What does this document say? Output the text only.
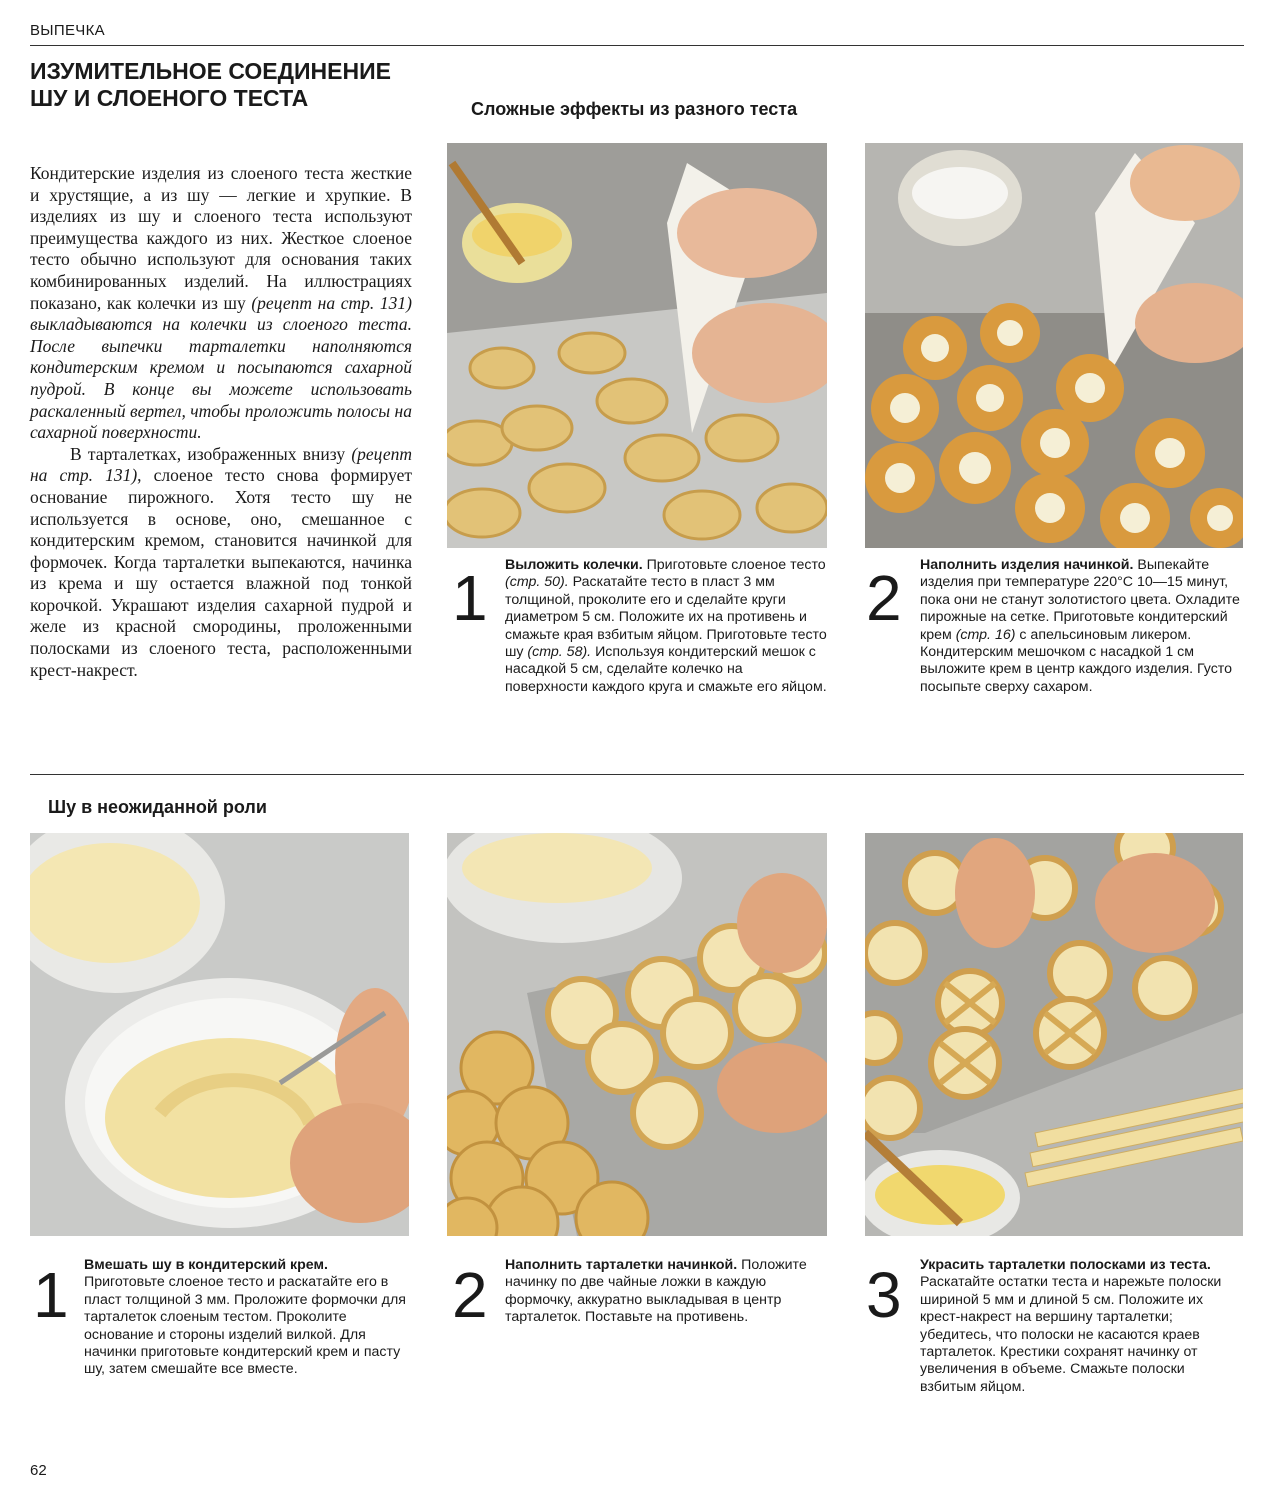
ВЫПЕЧКА
ИЗУМИТЕЛЬНОЕ СОЕДИНЕНИЕ
ШУ И СЛОЕНОГО ТЕСТА	Сложные эффекты из разного теста

Кондитерские изделия из слоеного теста жесткие и хрустящие, а из шу — легкие и хрупкие. В изделиях из шу и слоеного теста используют преимущества каждого из них. Жесткое слоеное тесто обычно используют для основания таких комбинированных изделий. На иллюстрациях показано, как колечки из шу (рецепт на стр. 131) выкладываются на колечки из слоеного теста. После выпечки тарталетки наполняются кондитерским кремом и посыпаются сахарной пудрой. В конце вы можете использовать раскаленный вертел, чтобы проложить полосы на сахарной поверхности.

В тарталетках, изображенных внизу (рецепт на стр. 131), слоеное тесто снова формирует основание пирожного. Хотя тесто шу не используется в основе, оно, смешанное с кондитерским кремом, становится начинкой для формочек. Когда тарталетки выпекаются, начинка из крема и шу остается влажной под тонкой корочкой. Украшают изделия сахарной пудрой и желе из красной смородины, проложенными полосками из слоеного теста, расположенными крест-накрест.

1 Выложить колечки. Приготовьте слоеное тесто (стр. 50). Раскатайте тесто в пласт 3 мм толщиной, проколите его и сделайте круги диаметром 5 см. Положите их на противень и смажьте края взбитым яйцом. Приготовьте тесто шу (стр. 58). Используя кондитерский мешок с насадкой 5 см, сделайте колечко на поверхности каждого круга и смажьте его яйцом.
2 Наполнить изделия начинкой. Выпекайте изделия при температуре 220°С 10—15 минут, пока они не станут золотистого цвета. Охладите пирожные на сетке. Приготовьте кондитерский крем (стр. 16) с апельсиновым ликером. Кондитерским мешочком с насадкой 1 см выложите крем в центр каждого изделия. Густо посыпьте сверху сахаром.
Шу в неожиданной роли
1 Вмешать шу в кондитерский крем. Приготовьте слоеное тесто и раскатайте его в пласт толщиной 3 мм. Проложите формочки для тарталеток слоеным тестом. Проколите основание и стороны изделий вилкой. Для начинки приготовьте кондитерский крем и пасту шу, затем смешайте все вместе.
2 Наполнить тарталетки начинкой. Положите начинку по две чайные ложки в каждую формочку, аккуратно выкладывая в центр тарталеток. Поставьте на противень.	3 Украсить тарталетки полосками из теста. Раскатайте остатки теста и нарежьте полоски шириной 5 мм и длиной 5 см. Положите их крест-накрест на вершину тарталетки; убедитесь, что полоски не касаются краев тарталеток. Крестики сохранят начинку от увеличения в объеме. Смажьте полоски взбитым яйцом.
62
